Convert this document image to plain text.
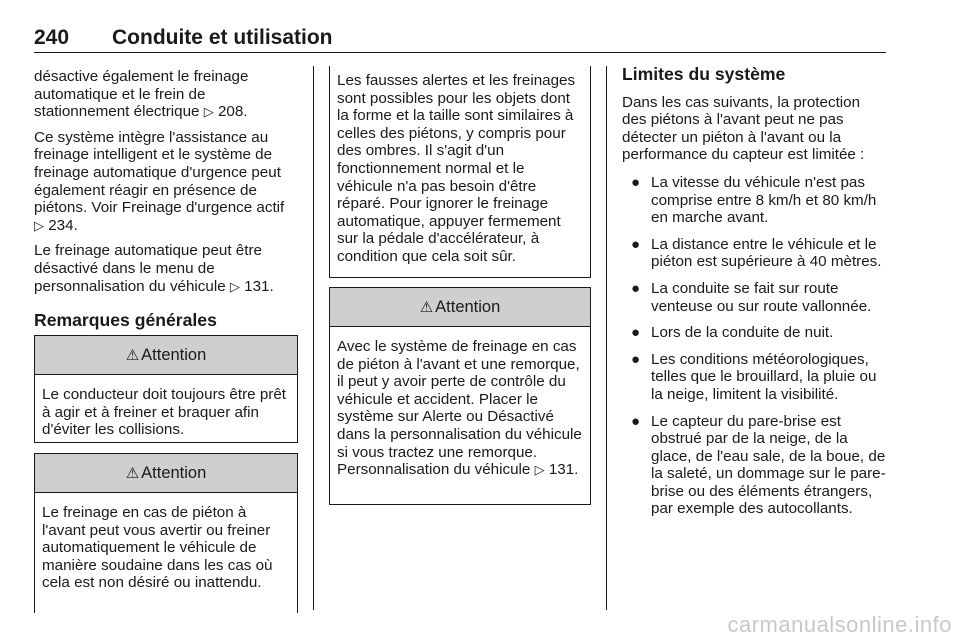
240 Conduite et utilisation

désactive également le freinage automatique et le frein de stationnement électrique ▷ 208.

Ce système intègre l'assistance au freinage intelligent et le système de freinage automatique d'urgence peut également réagir en présence de piétons. Voir Freinage d'urgence actif ▷ 234.

Le freinage automatique peut être désactivé dans le menu de personnalisation du véhicule ▷ 131.

Remarques générales
⚠ Attention
Le conducteur doit toujours être prêt à agir et à freiner et braquer afin d'éviter les collisions.
⚠ Attention
Le freinage en cas de piéton à l'avant peut vous avertir ou freiner automatiquement le véhicule de manière soudaine dans les cas où cela est non désiré ou inattendu.
Les fausses alertes et les freinages sont possibles pour les objets dont la forme et la taille sont similaires à celles des piétons, y compris pour des ombres. Il s'agit d'un fonctionnement normal et le véhicule n'a pas besoin d'être réparé. Pour ignorer le freinage automatique, appuyer fermement sur la pédale d'accélérateur, à condition que cela soit sûr.
⚠ Attention
Avec le système de freinage en cas de piéton à l'avant et une remorque, il peut y avoir perte de contrôle du véhicule et accident. Placer le système sur Alerte ou Désactivé dans la personnalisation du véhicule si vous tractez une remorque. Personnalisation du véhicule ▷ 131.
Limites du système

Dans les cas suivants, la protection des piétons à l'avant peut ne pas détecter un piéton à l'avant ou la performance du capteur est limitée :

● La vitesse du véhicule n'est pas comprise entre 8 km/h et 80 km/h en marche avant.
● La distance entre le véhicule et le piéton est supérieure à 40 mètres.
● La conduite se fait sur route venteuse ou sur route vallonnée.
● Lors de la conduite de nuit.
● Les conditions météorologiques, telles que le brouillard, la pluie ou la neige, limitent la visibilité.
● Le capteur du pare-brise est obstrué par de la neige, de la glace, de l'eau sale, de la boue, de la saleté, un dommage sur le pare-brise ou des éléments étrangers, par exemple des autocollants.
carmanualsonline.info
